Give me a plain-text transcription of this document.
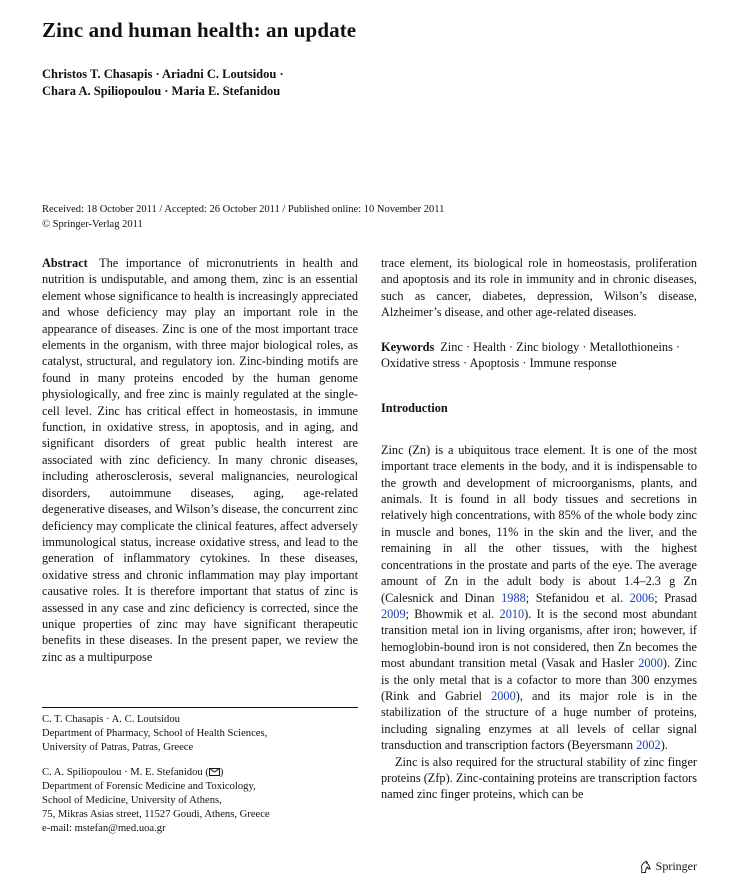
Zinc and human health: an update
Christos T. Chasapis · Ariadni C. Loutsidou ·
Chara A. Spiliopoulou · Maria E. Stefanidou
Received: 18 October 2011 / Accepted: 26 October 2011 / Published online: 10 November 2011
© Springer-Verlag 2011

Abstract The importance of micronutrients in health and nutrition is undisputable, and among them, zinc is an essential element whose significance to health is increasingly appreciated and whose deficiency may play an important role in the appearance of diseases. Zinc is one of the most important trace elements in the organism, with three major biological roles, as catalyst, structural, and regulatory ion. Zinc-binding motifs are found in many proteins encoded by the human genome physiologically, and free zinc is mainly regulated at the single-cell level. Zinc has critical effect in homeostasis, in immune function, in oxidative stress, in apoptosis, and in aging, and significant disorders of great public health interest are associated with zinc deficiency. In many chronic diseases, including atherosclerosis, several malignancies, neurological disorders, autoimmune diseases, aging, age-related degenerative diseases, and Wilson’s disease, the concurrent zinc deficiency may complicate the clinical features, affect adversely immunological status, increase oxidative stress, and lead to the generation of inflammatory cytokines. In these diseases, oxidative stress and chronic inflammation may play important causative roles. It is therefore important that status of zinc is assessed in any case and zinc deficiency is corrected, since the unique properties of zinc may have significant therapeutic benefits in these diseases. In the present paper, we review the zinc as a multipurpose

C. T. Chasapis · A. C. Loutsidou
Department of Pharmacy, School of Health Sciences,
University of Patras, Patras, Greece
C. A. Spiliopoulou · M. E. Stefanidou ( )
Department of Forensic Medicine and Toxicology,
School of Medicine, University of Athens,
75, Mikras Asias street, 11527 Goudi, Athens, Greece
e-mail: mstefan@med.uoa.gr

trace element, its biological role in homeostasis, proliferation and apoptosis and its role in immunity and in chronic diseases, such as cancer, diabetes, depression, Wilson’s disease, Alzheimer’s disease, and other age-related diseases.

Keywords Zinc · Health · Zinc biology · Metallothioneins · Oxidative stress · Apoptosis · Immune response
Introduction

Zinc (Zn) is a ubiquitous trace element. It is one of the most important trace elements in the body, and it is indispensable to the growth and development of microorganisms, plants, and animals. It is found in all body tissues and secretions in relatively high concentrations, with 85% of the whole body zinc in muscle and bones, 11% in the skin and the liver, and the remaining in all the other tissues, with the highest concentrations in the prostate and parts of the eye. The average amount of Zn in the adult body is about 1.4–2.3 g Zn (Calesnick and Dinan 1988; Stefanidou et al. 2006; Prasad 2009; Bhowmik et al. 2010). It is the second most abundant transition metal ion in living organisms, after iron; however, if hemoglobin-bound iron is not considered, then Zn becomes the most abundant transition metal (Vasak and Hasler 2000). Zinc is the only metal that is a cofactor to more than 300 enzymes (Rink and Gabriel 2000), and its major role is in the stabilization of the structure of a huge number of proteins, including signaling enzymes at all levels of cellar signal transduction and transcription factors (Beyersmann 2002).

Zinc is also required for the structural stability of zinc finger proteins (Zfp). Zinc-containing proteins are transcription factors named zinc finger proteins, which can be

Springer
